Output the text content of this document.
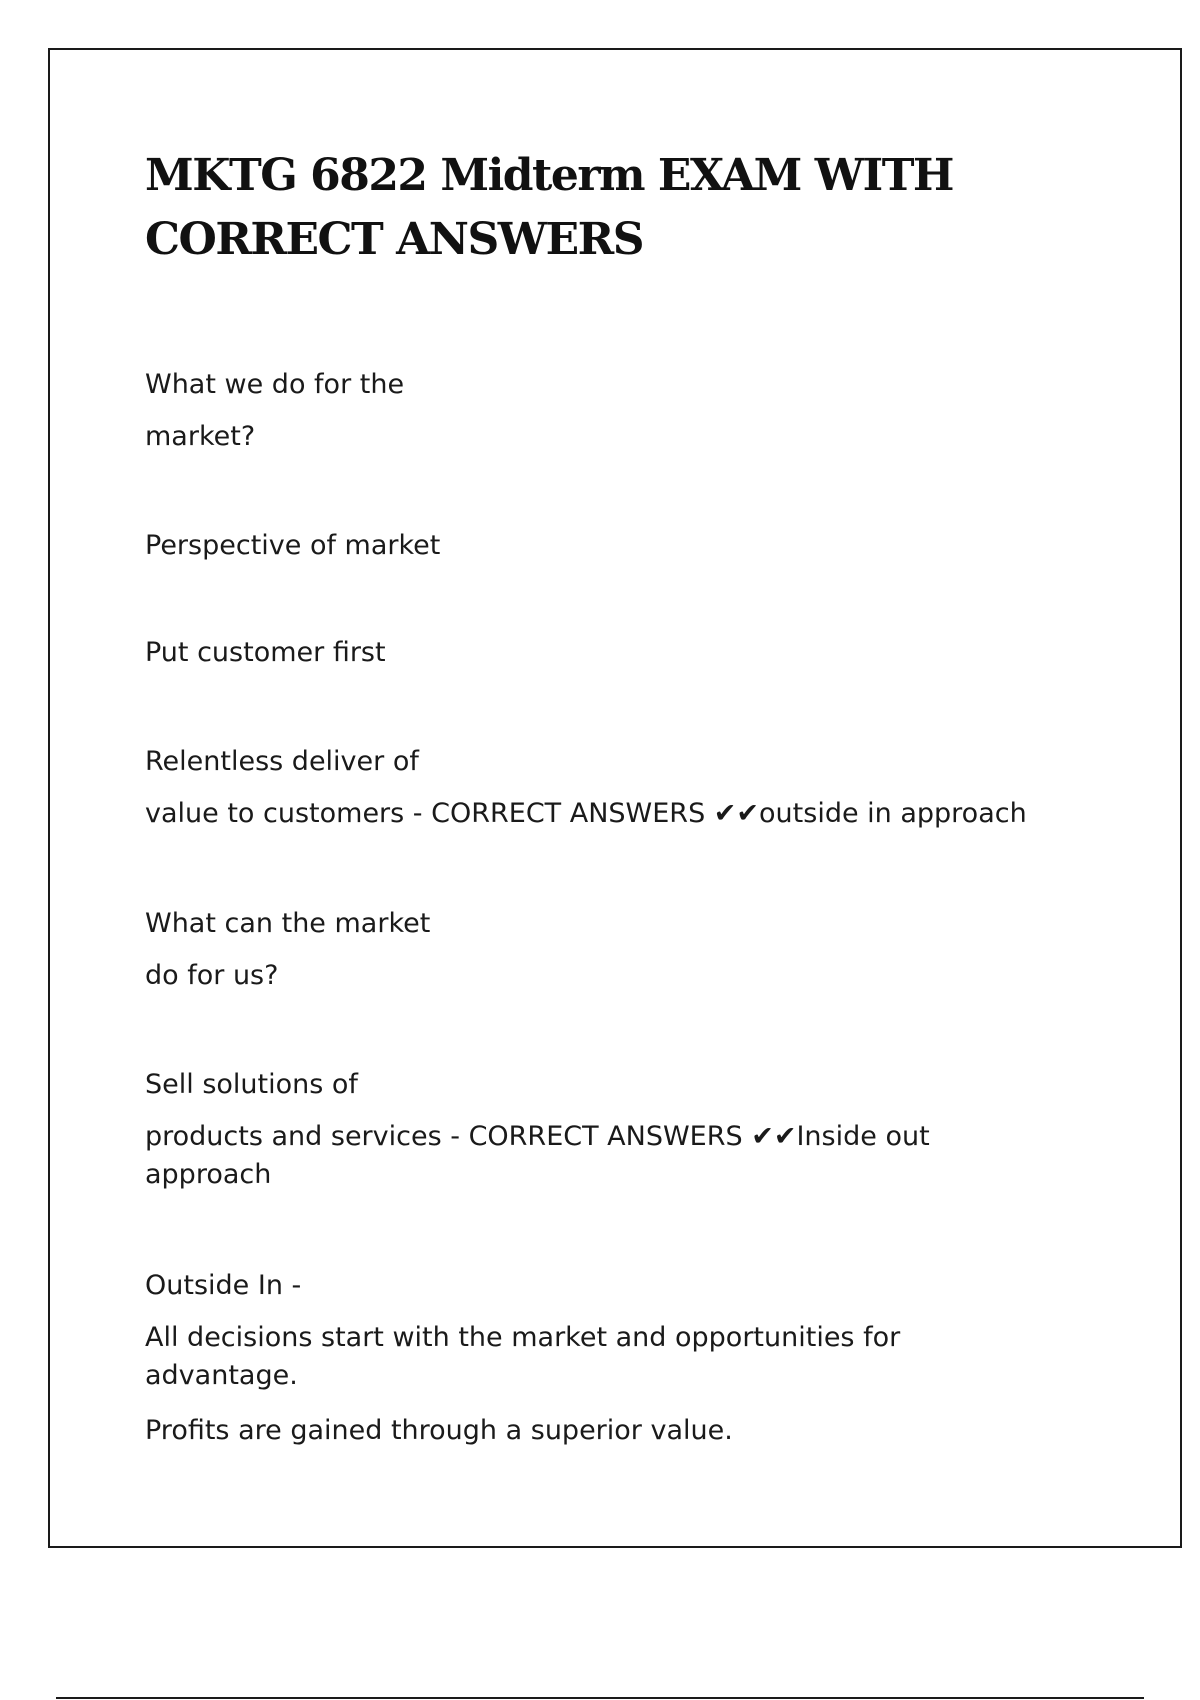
MKTG 6822 Midterm EXAM WITH CORRECT ANSWERS

What we do for the

market?

Perspective of market

Put customer first

Relentless deliver of

value to customers - CORRECT ANSWERS ✔✔outside in approach

What can the market

do for us?

Sell solutions of

products and services - CORRECT ANSWERS ✔✔Inside out approach

Outside In -

All decisions start with the market and opportunities for advantage.

Profits are gained through a superior value.
